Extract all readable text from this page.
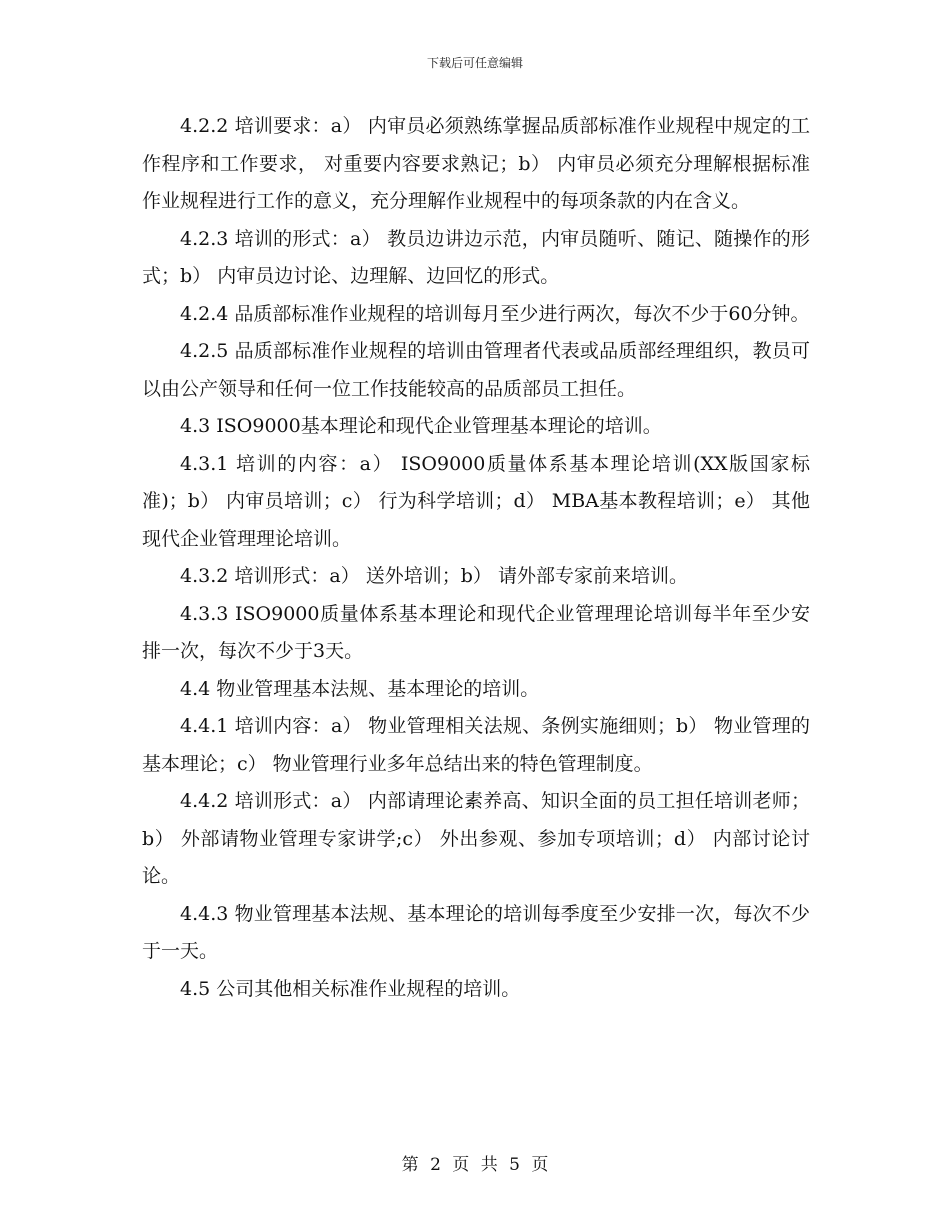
下载后可任意编辑

4.2.2 培训要求：a） 内审员必须熟练掌握品质部标准作业规程中规定的工作程序和工作要求， 对重要内容要求熟记；b） 内审员必须充分理解根据标准作业规程进行工作的意义，充分理解作业规程中的每项条款的内在含义。

4.2.3 培训的形式：a） 教员边讲边示范，内审员随听、随记、随操作的形式；b） 内审员边讨论、边理解、边回忆的形式。

4.2.4 品质部标准作业规程的培训每月至少进行两次，每次不少于60分钟。

4.2.5 品质部标准作业规程的培训由管理者代表或品质部经理组织，教员可以由公产领导和任何一位工作技能较高的品质部员工担任。

4.3 ISO9000基本理论和现代企业管理基本理论的培训。

4.3.1 培训的内容：a） ISO9000质量体系基本理论培训(XX版国家标准)；b） 内审员培训；c） 行为科学培训；d） MBA基本教程培训；e） 其他现代企业管理理论培训。

4.3.2 培训形式：a） 送外培训；b） 请外部专家前来培训。

4.3.3 ISO9000质量体系基本理论和现代企业管理理论培训每半年至少安排一次，每次不少于3天。

4.4 物业管理基本法规、基本理论的培训。

4.4.1 培训内容：a） 物业管理相关法规、条例实施细则；b） 物业管理的基本理论；c） 物业管理行业多年总结出来的特色管理制度。

4.4.2 培训形式：a） 内部请理论素养高、知识全面的员工担任培训老师；b） 外部请物业管理专家讲学;c） 外出参观、参加专项培训；d） 内部讨论讨论。

4.4.3 物业管理基本法规、基本理论的培训每季度至少安排一次，每次不少于一天。

4.5 公司其他相关标准作业规程的培训。

第 2 页 共 5 页
